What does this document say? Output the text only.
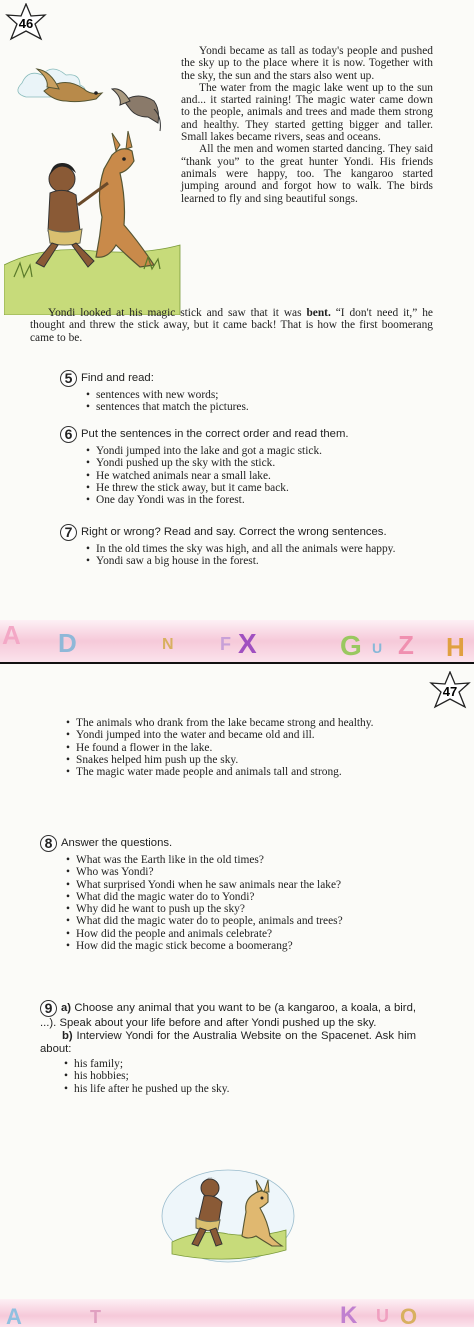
46

Yondi became as tall as today's people and pushed the sky up to the place where it is now. Together with the sky, the sun and the stars also went up.

The water from the magic lake went up to the sun and... it started raining! The magic water came down to the people, animals and trees and made them strong and healthy. They started getting bigger and taller. Small lakes became rivers, seas and oceans.

All the men and women started dancing. They said “thank you” to the great hunter Yondi. His friends animals were happy, too. The kangaroo started jumping around and forgot how to walk. The birds learned to fly and sing beautiful songs.

Yondi looked at his magic stick and saw that it was bent. “I don't need it,” he thought and threw the stick away, but it came back! That is how the first boomerang came to be.

5 Find and read:
• sentences with new words;
• sentences that match the pictures.
6 Put the sentences in the correct order and read them.
• Yondi jumped into the lake and got a magic stick.
• Yondi pushed up the sky with the stick.
• He watched animals near a small lake.
• He threw the stick away, but it came back.
• One day Yondi was in the forest.
7 Right or wrong? Read and say. Correct the wrong sentences.
• In the old times the sky was high, and all the animals were happy.
• Yondi saw a big house in the forest.
A D	N	F X	G U Z H
47
• The animals who drank from the lake became strong and healthy.
• Yondi jumped into the water and became old and ill.
• He found a flower in the lake.
• Snakes helped him push up the sky.
• The magic water made people and animals tall and strong.
8 Answer the questions.
• What was the Earth like in the old times?
• Who was Yondi?
• What surprised Yondi when he saw animals near the lake?
• What did the magic water do to Yondi?
• Why did he want to push up the sky?
• What did the magic water do to people, animals and trees?
• How did the people and animals celebrate?
• How did the magic stick become a boomerang?
9 a) Choose any animal that you want to be (a kangaroo, a koala, a bird, ...). Speak about your life before and after Yondi pushed up the sky.
b) Interview Yondi for the Australia Website on the Spacenet. Ask him about:
• his family;
• his hobbies;
• his life after he pushed up the sky.
A	T	K U O
